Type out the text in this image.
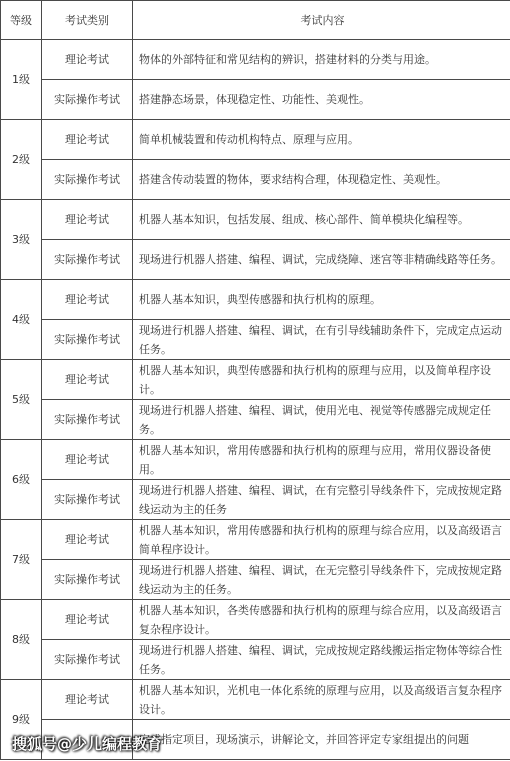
等级	考试类别	考试内容
1级	理论考试	物体的外部特征和常见结构的辨识，搭建材料的分类与用途。
	实际操作考试	搭建静态场景，体现稳定性、功能性、美观性。
2级	理论考试	简单机械装置和传动机构特点、原理与应用。
	实际操作考试	搭建含传动装置的物体，要求结构合理，体现稳定性、美观性。
3级	理论考试	机器人基本知识，包括发展、组成、核心部件、简单模块化编程等。
	实际操作考试	现场进行机器人搭建、编程、调试，完成绕障、迷宫等非精确线路等任务。
4级	理论考试	机器人基本知识，典型传感器和执行机构的原理。
	实际操作考试	现场进行机器人搭建、编程、调试，在有引导线辅助条件下，完成定点运动任务。
5级	理论考试	机器人基本知识，典型传感器和执行机构的原理与应用，以及简单程序设计。
	实际操作考试	现场进行机器人搭建、编程、调试，使用光电、视觉等传感器完成规定任务。
6级	理论考试	机器人基本知识，常用传感器和执行机构的原理与应用，常用仪器设备使用。
	实际操作考试	现场进行机器人搭建、编程、调试，在有完整引导线条件下，完成按规定路线运动为主的任务
7级	理论考试	机器人基本知识，常用传感器和执行机构的原理与综合应用，以及高级语言简单程序设计。
	实际操作考试	现场进行机器人搭建、编程、调试，在无完整引导线条件下，完成按规定路线运动为主的任务。
8级	理论考试	机器人基本知识，各类传感器和执行机构的原理与综合应用，以及高级语言复杂程序设计。
	实际操作考试	现场进行机器人搭建、编程、调试，完成按规定路线搬运指定物体等综合性任务。
9级	理论考试	机器人基本知识，光机电一体化系统的原理与应用，以及高级语言复杂程序设计。
		完成指定项目，现场演示，讲解论文，并回答评定专家组提出的问题
搜狐号@少儿编程教育
